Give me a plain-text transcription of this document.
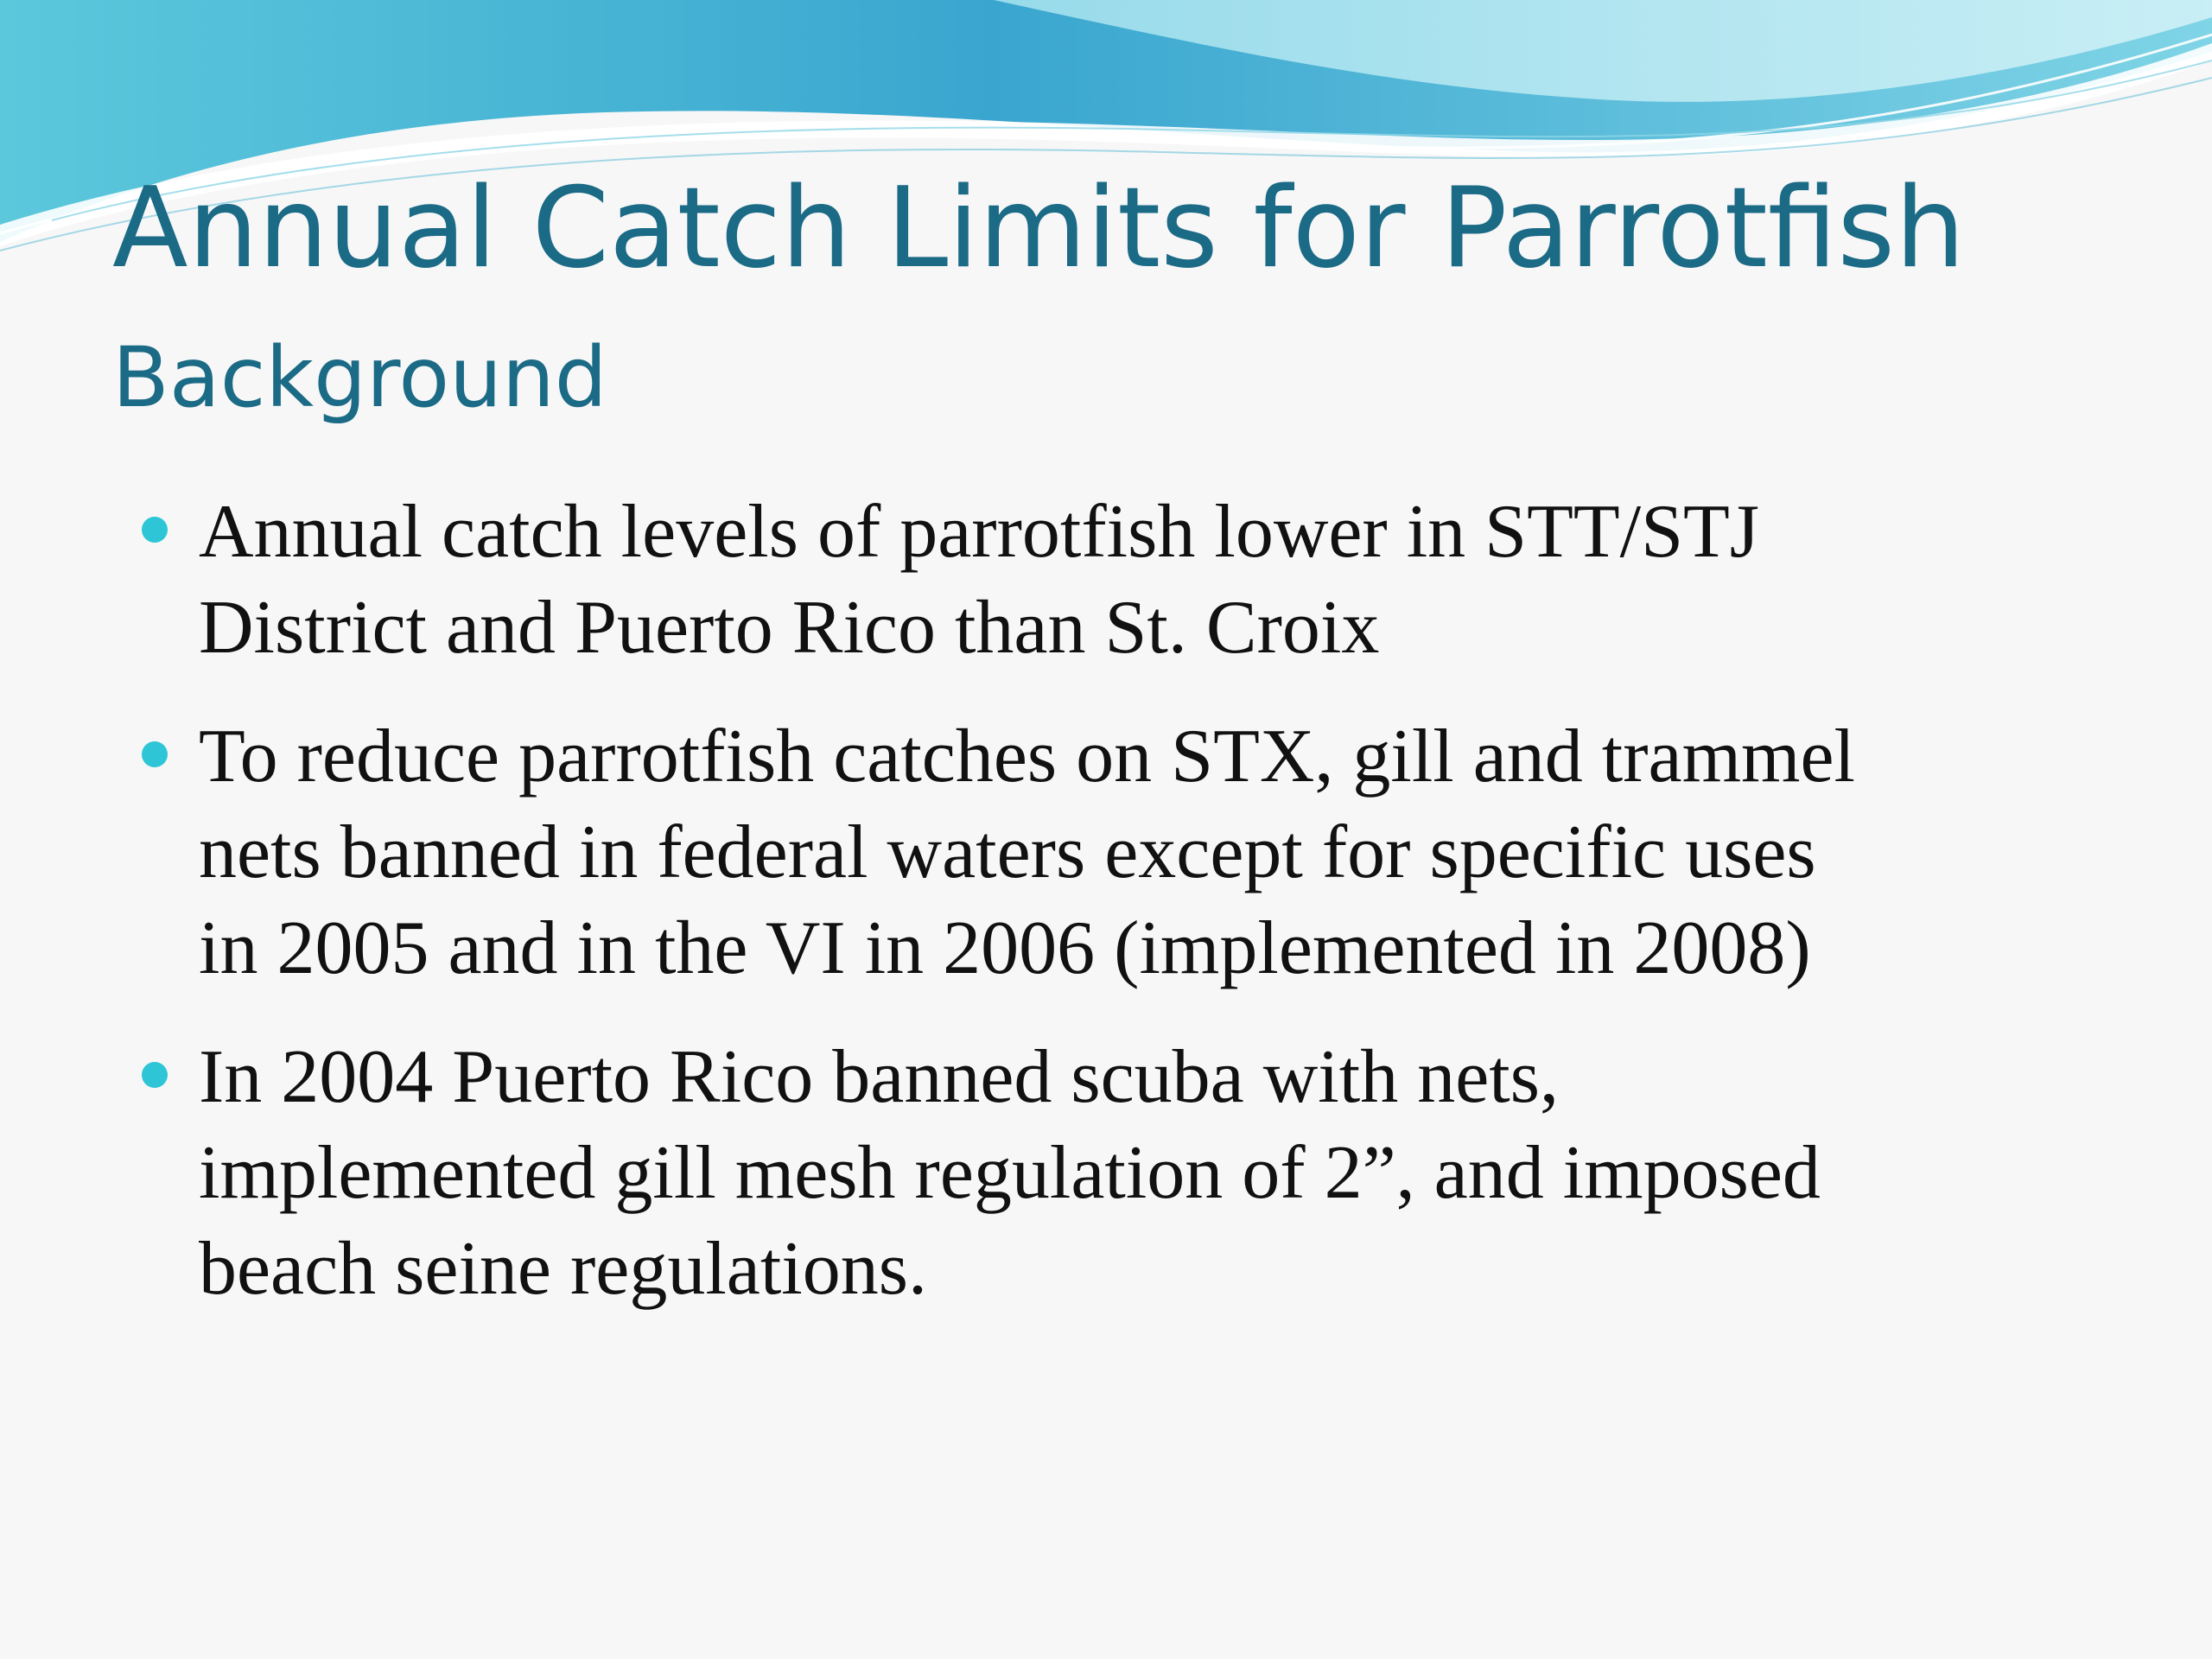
Annual Catch Limits for Parrotfish
Background
Annual catch levels of parrotfish lower in STT/STJ
District and Puerto Rico than St. Croix
To reduce parrotfish catches on STX, gill and trammel
nets banned in federal waters except for specific uses
in 2005 and in the VI in 2006 (implemented in 2008)
In 2004 Puerto Rico banned scuba with nets,
implemented gill mesh regulation of 2”, and imposed
beach seine regulations.
